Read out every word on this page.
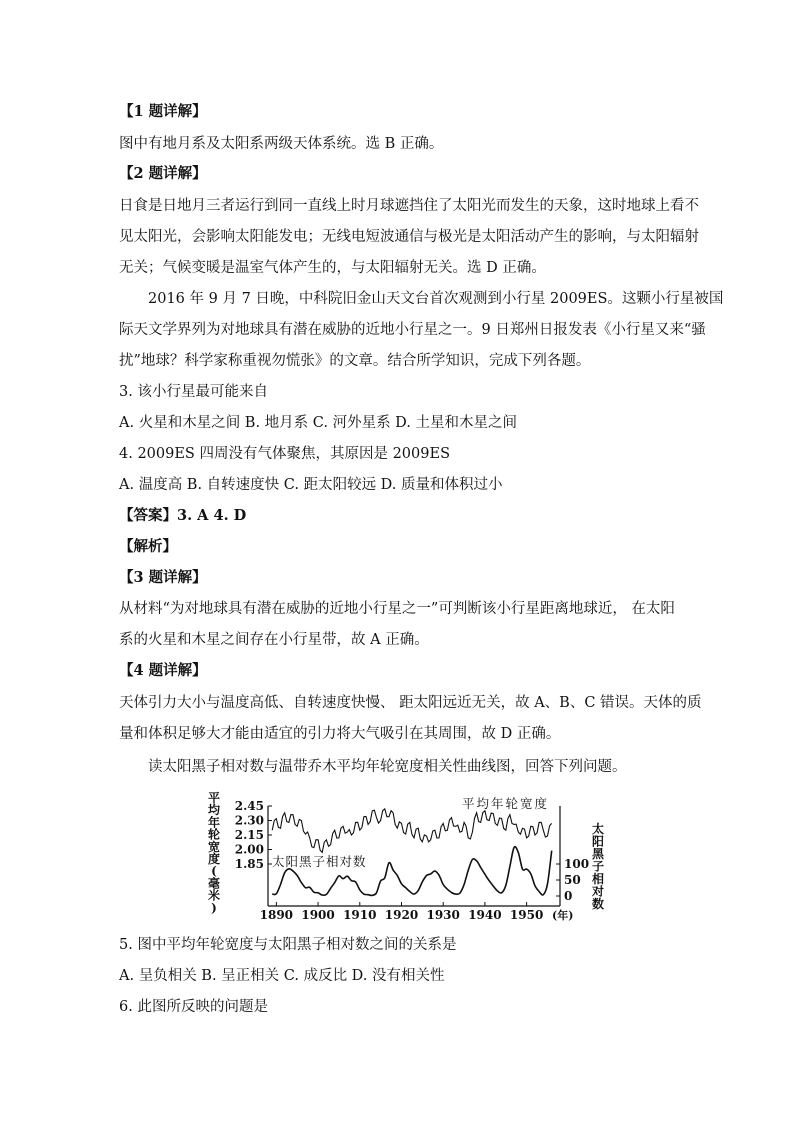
【1 题详解】
图中有地月系及太阳系两级天体系统。选 B 正确。
【2 题详解】
日食是日地月三者运行到同一直线上时月球遮挡住了太阳光而发生的天象，这时地球上看不
见太阳光，会影响太阳能发电；无线电短波通信与极光是太阳活动产生的影响，与太阳辐射
无关；气候变暖是温室气体产生的，与太阳辐射无关。选 D 正确。
2016 年 9 月 7 日晚，中科院旧金山天文台首次观测到小行星 2009ES。这颗小行星被国
际天文学界列为对地球具有潜在威胁的近地小行星之一。9 日郑州日报发表《小行星又来“骚
扰”地球？科学家称重视勿慌张》的文章。结合所学知识，完成下列各题。
3. 该小行星最可能来自
A. 火星和木星之间 B. 地月系 C. 河外星系 D. 土星和木星之间
4. 2009ES 四周没有气体聚焦，其原因是 2009ES
A. 温度高 B. 自转速度快 C. 距太阳较远 D. 质量和体积过小
【答案】3. A 4. D
【解析】
【3 题详解】
从材料“为对地球具有潜在威胁的近地小行星之一”可判断该小行星距离地球近， 在太阳
系的火星和木星之间存在小行星带，故 A 正确。
【4 题详解】
天体引力大小与温度高低、自转速度快慢、 距太阳远近无关，故 A、B、C 错误。天体的质
量和体积足够大才能由适宜的引力将大气吸引在其周围，故 D 正确。
读太阳黑子相对数与温带乔木平均年轮宽度相关性曲线图，回答下列问题。
平
均
年
轮
宽
度
(
毫
米
)
太
阳
黑
子
相
对
数
2.45
2.30
2.15
2.00
1.85	100
50
0
1890 1900 1910 1920 1930 1940 1950
平均年轮宽度
太阳黑子相对数
(年)
5. 图中平均年轮宽度与太阳黑子相对数之间的关系是
A. 呈负相关 B. 呈正相关 C. 成反比 D. 没有相关性
6. 此图所反映的问题是
